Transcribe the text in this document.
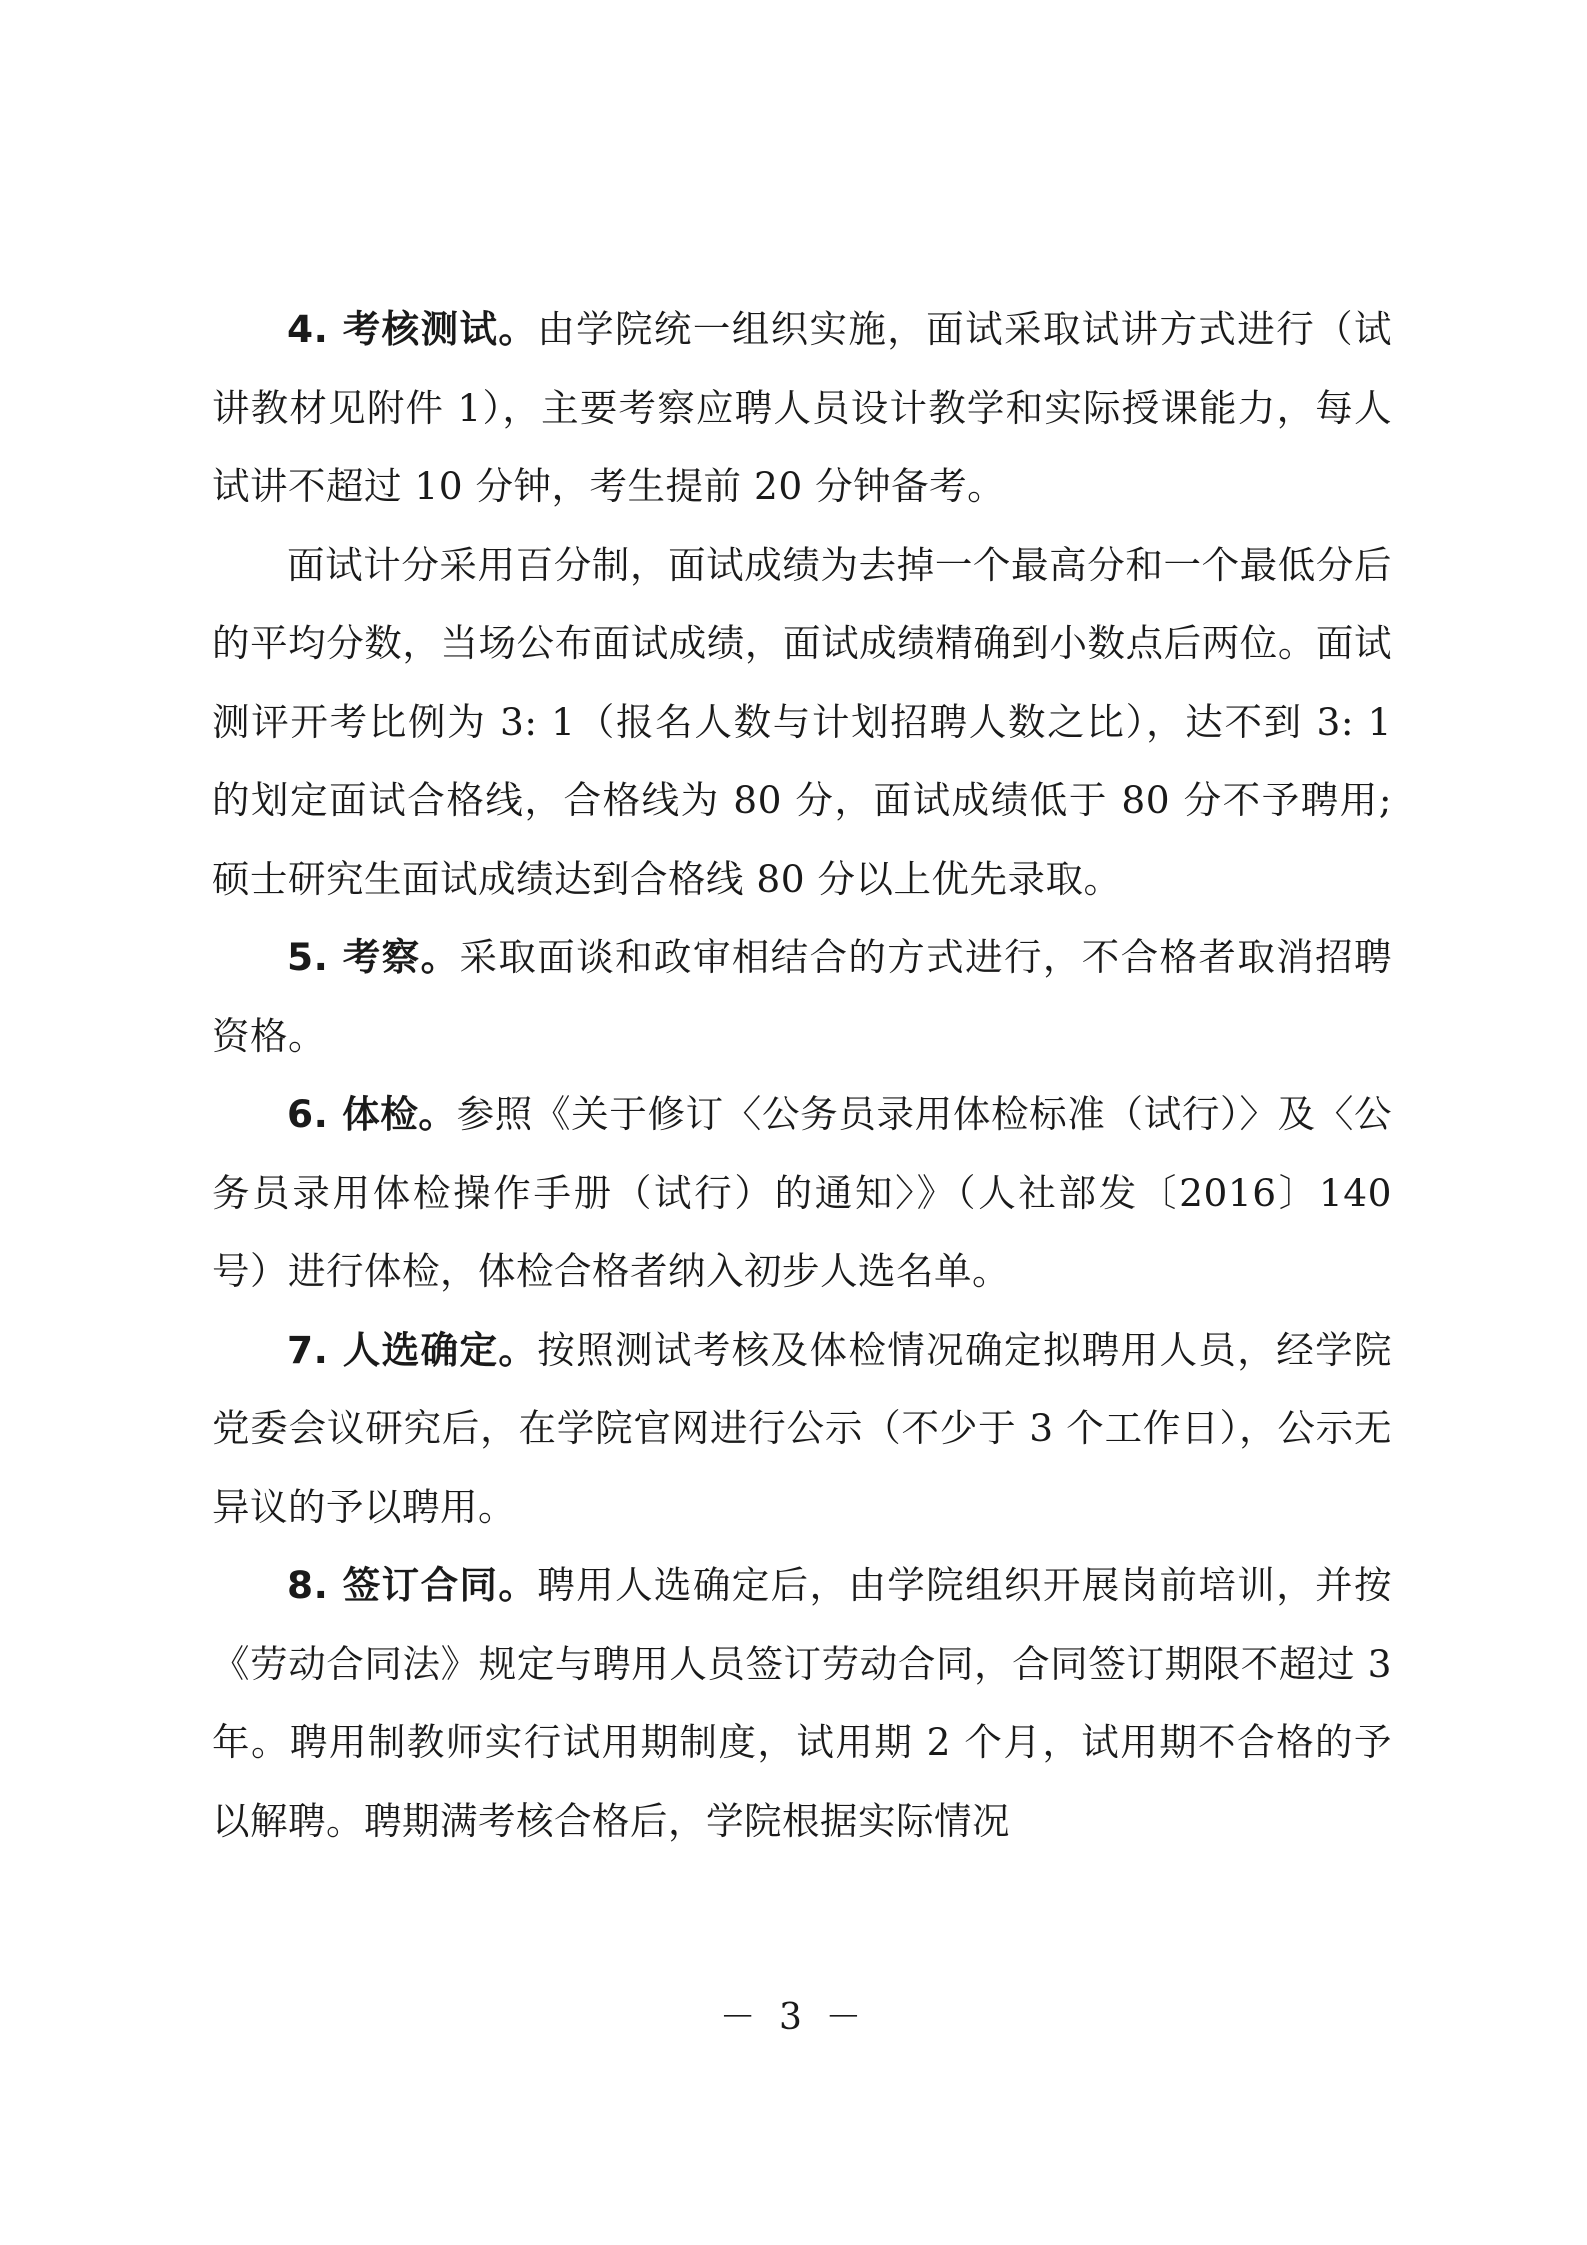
4. 考核测试。由学院统一组织实施，面试采取试讲方式进行（试讲教材见附件 1），主要考察应聘人员设计教学和实际授课能力，每人试讲不超过 10 分钟，考生提前 20 分钟备考。

面试计分采用百分制，面试成绩为去掉一个最高分和一个最低分后的平均分数，当场公布面试成绩，面试成绩精确到小数点后两位。面试测评开考比例为 3: 1（报名人数与计划招聘人数之比），达不到 3: 1 的划定面试合格线，合格线为 80 分，面试成绩低于 80 分不予聘用; 硕士研究生面试成绩达到合格线 80 分以上优先录取。

5. 考察。采取面谈和政审相结合的方式进行，不合格者取消招聘资格。

6. 体检。参照《关于修订〈公务员录用体检标准（试行）〉及〈公务员录用体检操作手册（试行）的通知〉》（人社部发〔2016〕140 号）进行体检，体检合格者纳入初步人选名单。

7. 人选确定。按照测试考核及体检情况确定拟聘用人员，经学院党委会议研究后，在学院官网进行公示（不少于 3 个工作日），公示无异议的予以聘用。

8. 签订合同。聘用人选确定后，由学院组织开展岗前培训，并按《劳动合同法》规定与聘用人员签订劳动合同，合同签订期限不超过 3 年。聘用制教师实行试用期制度，试用期 2 个月，试用期不合格的予以解聘。聘期满考核合格后，学院根据实际情况

－ 3 －
